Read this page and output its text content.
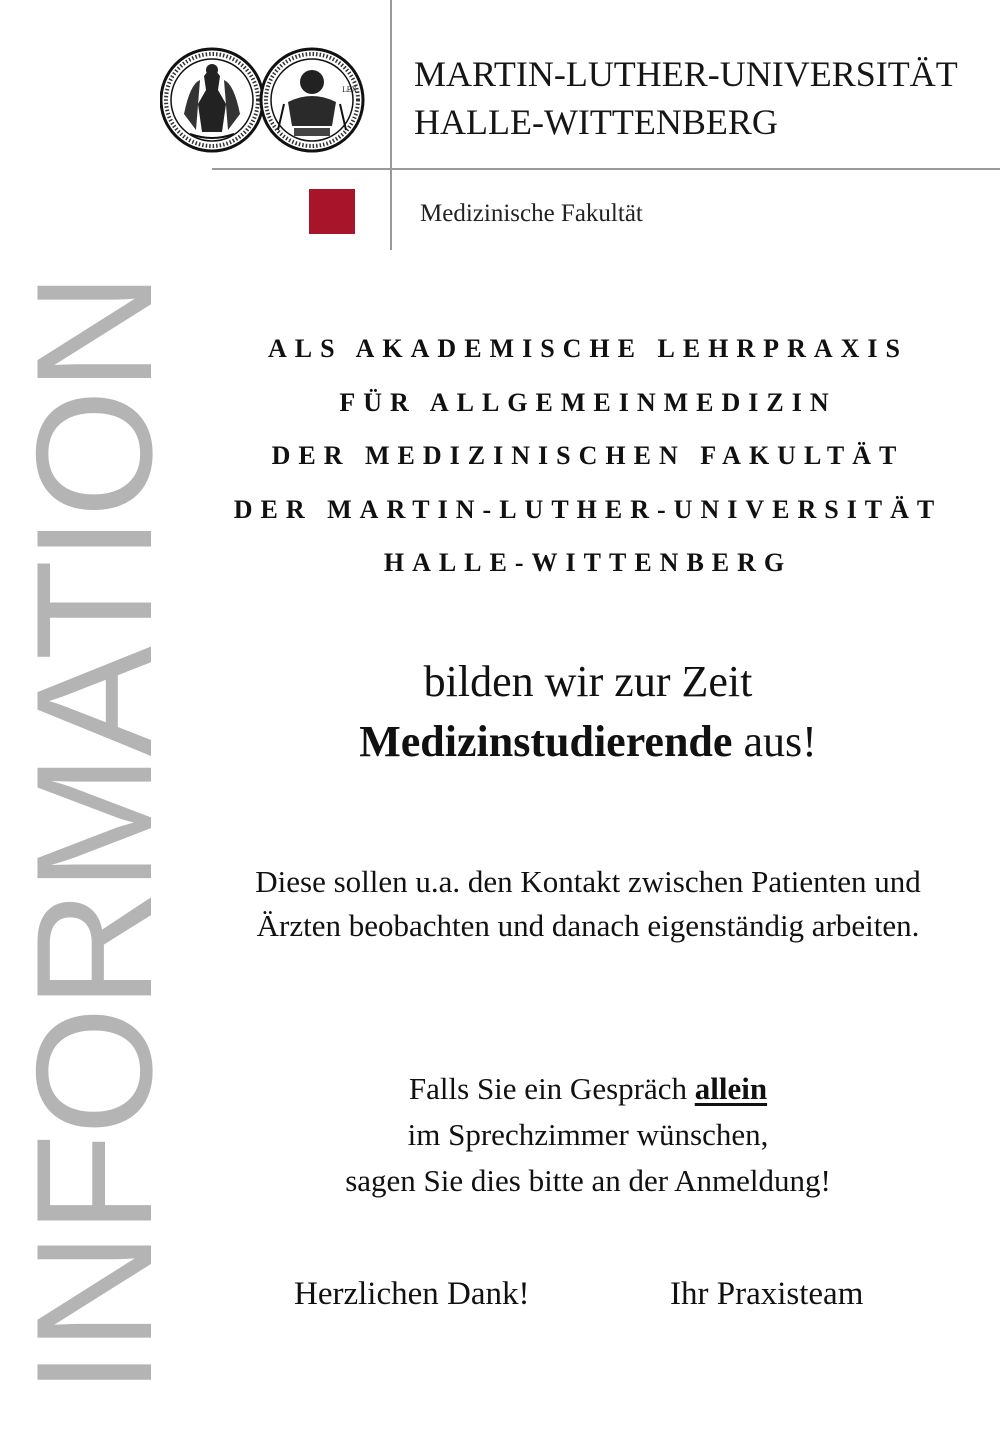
LEX MARTIN-LUTHER-UNIVERSITÄT
HALLE-WITTENBERG
Medizinische Fakultät
INFORMATION	ALS AKADEMISCHE LEHRPRAXIS
FÜR ALLGEMEINMEDIZIN
DER MEDIZINISCHEN FAKULTÄT
DER MARTIN-LUTHER-UNIVERSITÄT
HALLE-WITTENBERG
bilden wir zur Zeit
Medizinstudierende aus!
Diese sollen u.a. den Kontakt zwischen Patienten und
Ärzten beobachten und danach eigenständig arbeiten.
Falls Sie ein Gespräch allein
im Sprechzimmer wünschen,
sagen Sie dies bitte an der Anmeldung!
Herzlichen Dank!	Ihr Praxisteam
